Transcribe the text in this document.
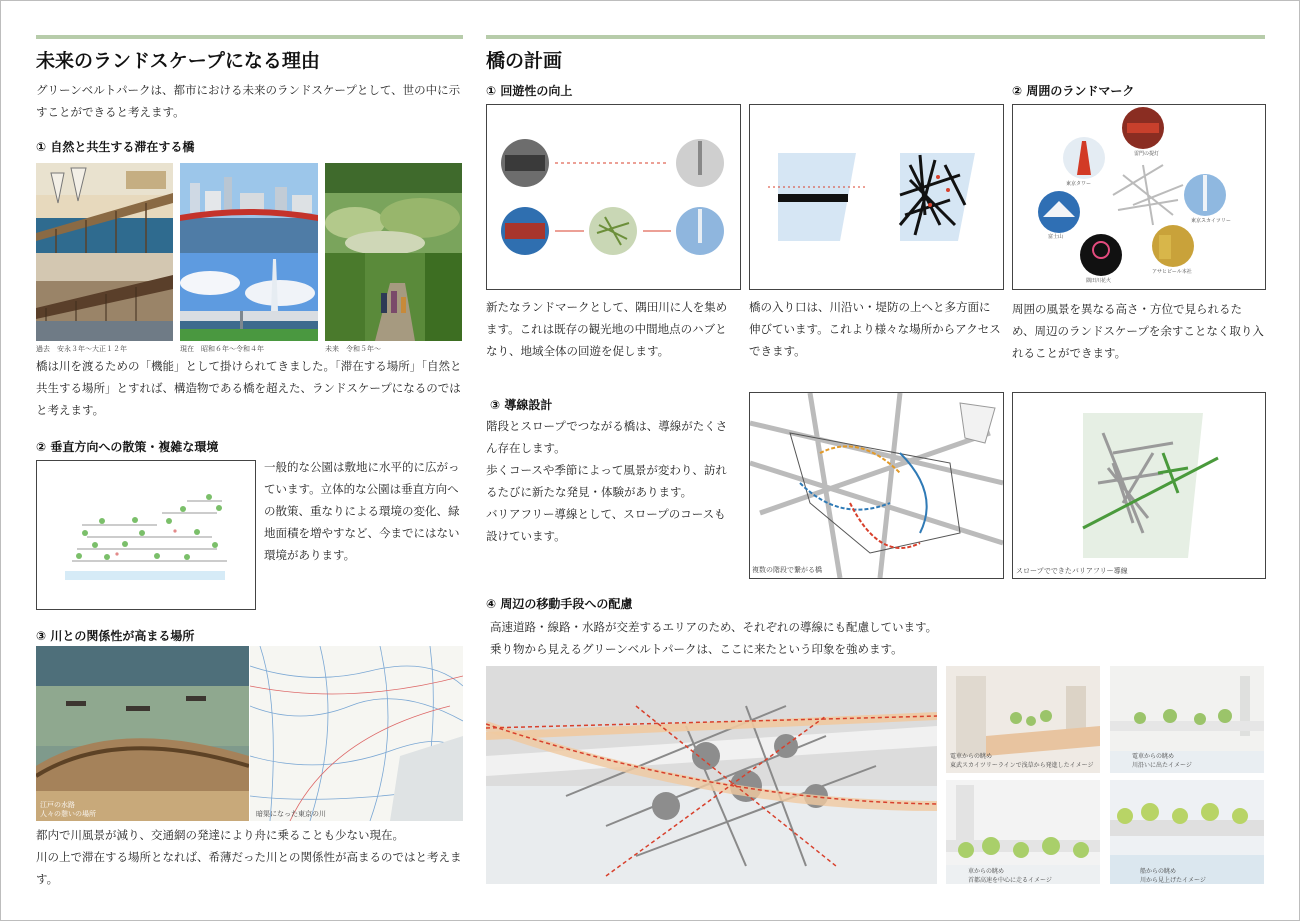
未来のランドスケープになる理由
グリーンベルトパークは、都市における未来のランドスケープとして、世の中に示すことができると考えます。
① 自然と共生する滞在する橋
過去　安永３年〜大正１２年	現在　昭和６年〜令和４年	未来　令和５年〜
橋は川を渡るための「機能」として掛けられてきました。「滞在する場所」「自然と共生する場所」とすれば、構造物である橋を超えた、ランドスケープになるのではと考えます。
② 垂直方向への散策・複雑な環境
一般的な公園は敷地に水平的に広がっています。立体的な公園は垂直方向への散策、重なりによる環境の変化、緑地面積を増やすなど、今までにはない環境があります。
③ 川との関係性が高まる場所
江戸の水路
人々の憩いの場所	暗渠になった東京の川
都内で川風景が減り、交通網の発達により舟に乗ることも少ない現在。
川の上で滞在する場所となれば、希薄だった川との関係性が高まるのではと考えます。
橋の計画
① 回遊性の向上	② 周囲のランドマーク
雷門の提灯
東京タワー
東京スカイツリー
富士山
隅田川花火
アサヒビール本社
新たなランドマークとして、隅田川に人を集めます。これは既存の観光地の中間地点のハブとなり、地域全体の回遊を促します。
橋の入り口は、川沿い・堤防の上へと多方面に伸びています。これより様々な場所からアクセスできます。
周囲の風景を異なる高さ・方位で見られるため、周辺のランドスケープを余すことなく取り入れることができます。
③ 導線設計
階段とスロープでつながる橋は、導線がたくさん存在します。
歩くコースや季節によって風景が変わり、訪れるたびに新たな発見・体験があります。
バリアフリー導線として、スロープのコースも設けています。
複数の階段で繋がる橋	スロープでできたバリアフリー導線
④ 周辺の移動手段への配慮
高速道路・線路・水路が交差するエリアのため、それぞれの導線にも配慮しています。
乗り物から見えるグリーンベルトパークは、ここに来たという印象を強めます。
電車からの眺め
東武スカイツリーラインで浅草から発進したイメージ
電車からの眺め
川沿いに出たイメージ
車からの眺め
首都高速を中心に走るイメージ
船からの眺め
川から見上げたイメージ
